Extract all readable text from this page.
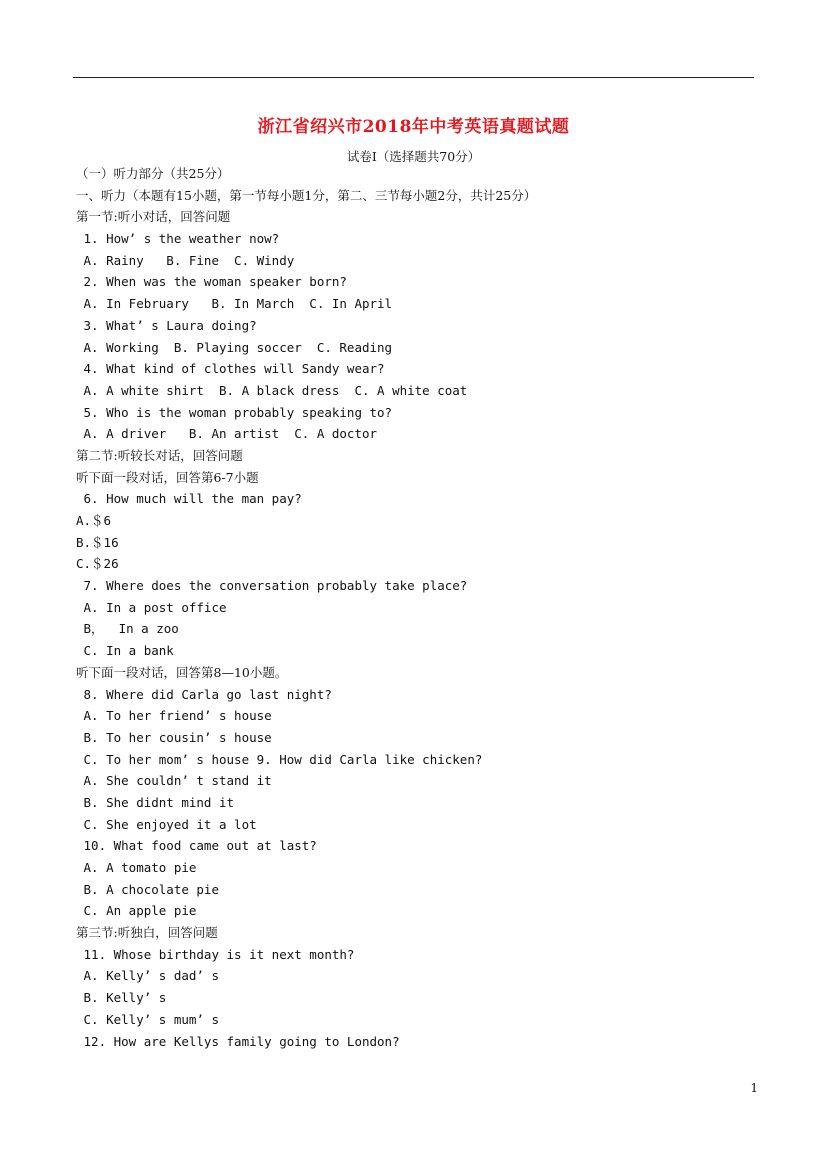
浙江省绍兴市2018年中考英语真题试题
试卷Ⅰ（选择题共70分）
（一）听力部分（共25分）
一、听力（本题有15小题，第一节每小题1分，第二、三节每小题2分，共计25分）
第一节:听小对话，回答问题
1. How’ s the weather now?
A. Rainy   B. Fine  C. Windy
2. When was the woman speaker born?
A. In February   B. In March  C. In April
3. What’ s Laura doing?
A. Working  B. Playing soccer  C. Reading
4. What kind of clothes will Sandy wear?
A. A white shirt  B. A black dress  C. A white coat
5. Who is the woman probably speaking to?
A. A driver   B. An artist  C. A doctor
第二节:听较长对话，回答问题
听下面一段对话，回答第6-7小题
6. How much will the man pay?
A.＄6
B.＄16
C.＄26
7. Where does the conversation probably take place?
A. In a post office
B，  In a zoo
C. In a bank
听下面一段对话，回答第8—10小题。
8. Where did Carla go last night?
A. To her friend’ s house
B. To her cousin’ s house
C. To her mom’ s house 9. How did Carla like chicken?
A. She couldn’ t stand it
B. She didnt mind it
C. She enjoyed it a lot
10. What food came out at last?
A. A tomato pie
B. A chocolate pie
C. An apple pie
第三节:听独白，回答问题
11. Whose birthday is it next month?
A. Kelly’ s dad’ s
B. Kelly’ s
C. Kelly’ s mum’ s
12. How are Kellys family going to London?
1
